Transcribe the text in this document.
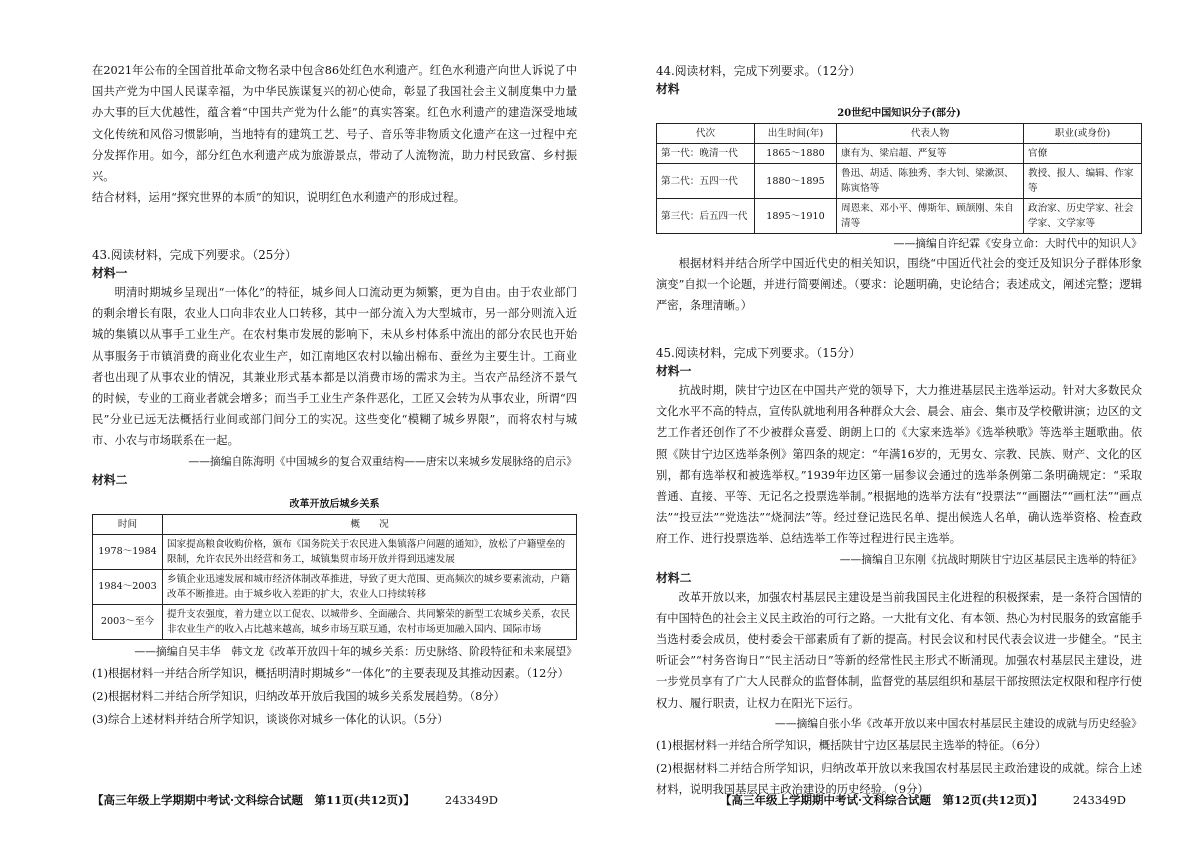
在2021年公布的全国首批革命文物名录中包含86处红色水利遗产。红色水利遗产向世人诉说了中国共产党为中国人民谋幸福，为中华民族谋复兴的初心使命，彰显了我国社会主义制度集中力量办大事的巨大优越性，蕴含着“中国共产党为什么能”的真实答案。红色水利遗产的建造深受地域文化传统和风俗习惯影响，当地特有的建筑工艺、号子、音乐等非物质文化遗产在这一过程中充分发挥作用。如今，部分红色水利遗产成为旅游景点，带动了人流物流，助力村民致富、乡村振兴。

结合材料，运用“探究世界的本质”的知识，说明红色水利遗产的形成过程。

43.阅读材料，完成下列要求。（25分）

材料一

明清时期城乡呈现出“一体化”的特征，城乡间人口流动更为频繁，更为自由。由于农业部门的剩余增长有限，农业人口向非农业人口转移，其中一部分流入为大型城市，另一部分则流入近城的集镇以从事手工业生产。在农村集市发展的影响下，未从乡村体系中流出的部分农民也开始从事服务于市镇消费的商业化农业生产，如江南地区农村以输出棉布、蚕丝为主要生计。工商业者也出现了从事农业的情况，其兼业形式基本都是以消费市场的需求为主。当农产品经济不景气的时候，专业的工商业者就会增多；而当手工业生产条件恶化，工匠又会转为从事农业，所谓“四民”分业已远无法概括行业间或部门间分工的实况。这些变化“模糊了城乡界限”，而将农村与城市、小农与市场联系在一起。

——摘编自陈海明《中国城乡的复合双重结构——唐宋以来城乡发展脉络的启示》

材料二

改革开放后城乡关系
时间	概　　况
1978～1984	国家提高粮食收购价格，颁布《国务院关于农民进入集镇落户问题的通知》，放松了户籍壁垒的限制，允许农民外出经营和务工，城镇集贸市场开放并得到迅速发展
1984～2003	乡镇企业迅速发展和城市经济体制改革推进，导致了更大范围、更高频次的城乡要素流动，户籍改革不断推进。由于城乡收入差距的扩大，农业人口持续转移
2003～至今	提升支农强度，着力建立以工促农、以城带乡、全面融合、共同繁荣的新型工农城乡关系，农民非农业生产的收入占比越来越高，城乡市场互联互通，农村市场更加融入国内、国际市场

——摘编自吴丰华　韩文龙《改革开放四十年的城乡关系：历史脉络、阶段特征和未来展望》

(1)根据材料一并结合所学知识，概括明清时期城乡“一体化”的主要表现及其推动因素。（12分）

(2)根据材料二并结合所学知识，归纳改革开放后我国的城乡关系发展趋势。（8分）

(3)综合上述材料并结合所学知识，谈谈你对城乡一体化的认识。（5分）

【高三年级上学期期中考试·文科综合试题　第11页(共12页)】	243349D

44.阅读材料，完成下列要求。（12分）

材料

20世纪中国知识分子(部分)
代次	出生时间(年)	代表人物	职业(或身份)
第一代：晚清一代	1865～1880	康有为、梁启超、严复等	官僚
第二代：五四一代	1880～1895	鲁迅、胡适、陈独秀、李大钊、梁漱溟、陈寅恪等	教授、报人、编辑、作家等
第三代：后五四一代	1895～1910	周恩来、邓小平、傅斯年、顾颉刚、朱自清等	政治家、历史学家、社会学家、文学家等

——摘编自许纪霖《安身立命：大时代中的知识人》

根据材料并结合所学中国近代史的相关知识，围绕“中国近代社会的变迁及知识分子群体形象演变”自拟一个论题，并进行简要阐述。（要求：论题明确，史论结合；表述成文，阐述完整；逻辑严密，条理清晰。）

45.阅读材料，完成下列要求。（15分）

材料一

抗战时期，陕甘宁边区在中国共产党的领导下，大力推进基层民主选举运动。针对大多数民众文化水平不高的特点，宣传队就地利用各种群众大会、晨会、庙会、集市及学校儆讲演；边区的文艺工作者还创作了不少被群众喜爱、朗朗上口的《大家来选举》《选举秧歌》等选举主题歌曲。依照《陕甘宁边区选举条例》第四条的规定：“年满16岁的，无男女、宗教、民族、财产、文化的区别，都有选举权和被选举权。”1939年边区第一届参议会通过的选举条例第二条明确规定：“采取普通、直接、平等、无记名之投票选举制。”根据地的选举方法有“投票法”“画圈法”“画杠法”“画点法”“投豆法”“党选法”“烧洞法”等。经过登记选民名单、提出候选人名单，确认选举资格、检查政府工作、进行投票选举、总结选举工作等过程进行民主选举。

——摘编自卫东刚《抗战时期陕甘宁边区基层民主选举的特征》

材料二

改革开放以来，加强农村基层民主建设是当前我国民主化进程的积极探索，是一条符合国情的有中国特色的社会主义民主政治的可行之路。一大批有文化、有本领、热心为村民服务的致富能手当选村委会成员，使村委会干部素质有了新的提高。村民会议和村民代表会议进一步健全。“民主听证会”“村务咨询日”“民主活动日”等新的经常性民主形式不断涌现。加强农村基层民主建设，进一步党员享有了广大人民群众的监督体制，监督党的基层组织和基层干部按照法定权限和程序行使权力、履行职责，让权力在阳光下运行。

——摘编自张小华《改革开放以来中国农村基层民主建设的成就与历史经验》

(1)根据材料一并结合所学知识，概括陕甘宁边区基层民主选举的特征。（6分）

(2)根据材料二并结合所学知识，归纳改革开放以来我国农村基层民主政治建设的成就。综合上述材料，说明我国基层民主政治建设的历史经验。（9分）

【高三年级上学期期中考试·文科综合试题　第12页(共12页)】	243349D
